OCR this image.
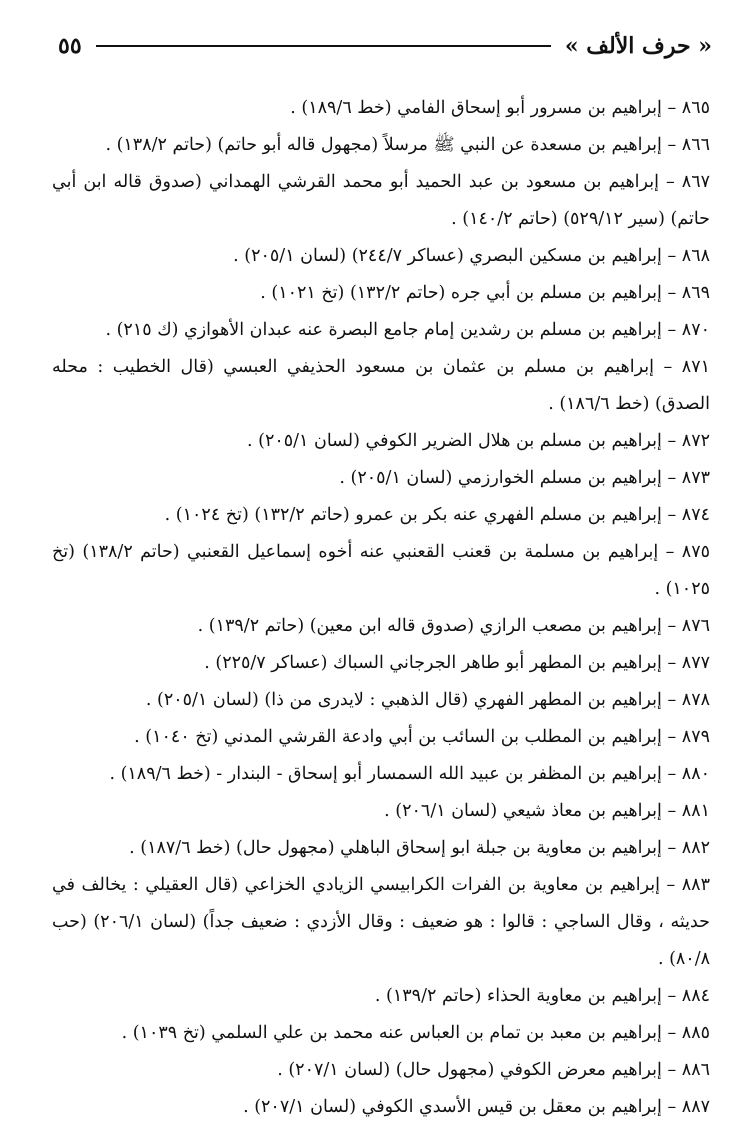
« حرف الألف »
٥٥
٨٦٥ – إبراهيم بن مسرور أبو إسحاق الفامي (خط ١٨٩/٦) .
٨٦٦ – إبراهيم بن مسعدة عن النبي ﷺ مرسلاً (مجهول قاله أبو حاتم) (حاتم ١٣٨/٢) .
٨٦٧ – إبراهيم بن مسعود بن عبد الحميد أبو محمد القرشي الهمداني (صدوق قاله ابن أبي حاتم) (سير ٥٢٩/١٢) (حاتم ١٤٠/٢) .
٨٦٨ – إبراهيم بن مسكين البصري (عساكر ٢٤٤/٧) (لسان ٢٠٥/١) .
٨٦٩ – إبراهيم بن مسلم بن أبي جره (حاتم ١٣٢/٢) (تخ ١٠٢١) .
٨٧٠ – إبراهيم بن مسلم بن رشدين إمام جامع البصرة عنه عبدان الأهوازي (ك ٢١٥) .
٨٧١ – إبراهيم بن مسلم بن عثمان بن مسعود الحذيفي العبسي (قال الخطيب : محله الصدق) (خط ١٨٦/٦) .
٨٧٢ – إبراهيم بن مسلم بن هلال الضرير الكوفي (لسان ٢٠٥/١) .
٨٧٣ – إبراهيم بن مسلم الخوارزمي (لسان ٢٠٥/١) .
٨٧٤ – إبراهيم بن مسلم الفهري عنه بكر بن عمرو (حاتم ١٣٢/٢) (تخ ١٠٢٤) .
٨٧٥ – إبراهيم بن مسلمة بن قعنب القعنبي عنه أخوه إسماعيل القعنبي (حاتم ١٣٨/٢) (تخ ١٠٢٥) .
٨٧٦ – إبراهيم بن مصعب الرازي (صدوق قاله ابن معين) (حاتم ١٣٩/٢) .
٨٧٧ – إبراهيم بن المطهر أبو طاهر الجرجاني السباك (عساكر ٢٢٥/٧) .
٨٧٨ – إبراهيم بن المطهر الفهري (قال الذهبي : لايدرى من ذا) (لسان ٢٠٥/١) .
٨٧٩ – إبراهيم بن المطلب بن السائب بن أبي وادعة القرشي المدني (تخ ١٠٤٠) .
٨٨٠ – إبراهيم بن المظفر بن عبيد الله السمسار أبو إسحاق - البندار - (خط ١٨٩/٦) .
٨٨١ – إبراهيم بن معاذ شيعي (لسان ٢٠٦/١) .
٨٨٢ – إبراهيم بن معاوية بن جبلة ابو إسحاق الباهلي (مجهول حال) (خط ١٨٧/٦) .
٨٨٣ – إبراهيم بن معاوية بن الفرات الكرابيسي الزيادي الخزاعي (قال العقيلي : يخالف في حديثه ، وقال الساجي : قالوا : هو ضعيف : وقال الأزدي : ضعيف جداً) (لسان ٢٠٦/١) (حب ٨٠/٨) .
٨٨٤ – إبراهيم بن معاوية الحذاء (حاتم ١٣٩/٢) .
٨٨٥ – إبراهيم بن معبد بن تمام بن العباس عنه محمد بن علي السلمي (تخ ١٠٣٩) .
٨٨٦ – إبراهيم معرض الكوفي (مجهول حال) (لسان ٢٠٧/١) .
٨٨٧ – إبراهيم بن معقل بن قيس الأسدي الكوفي (لسان ٢٠٧/١) .
